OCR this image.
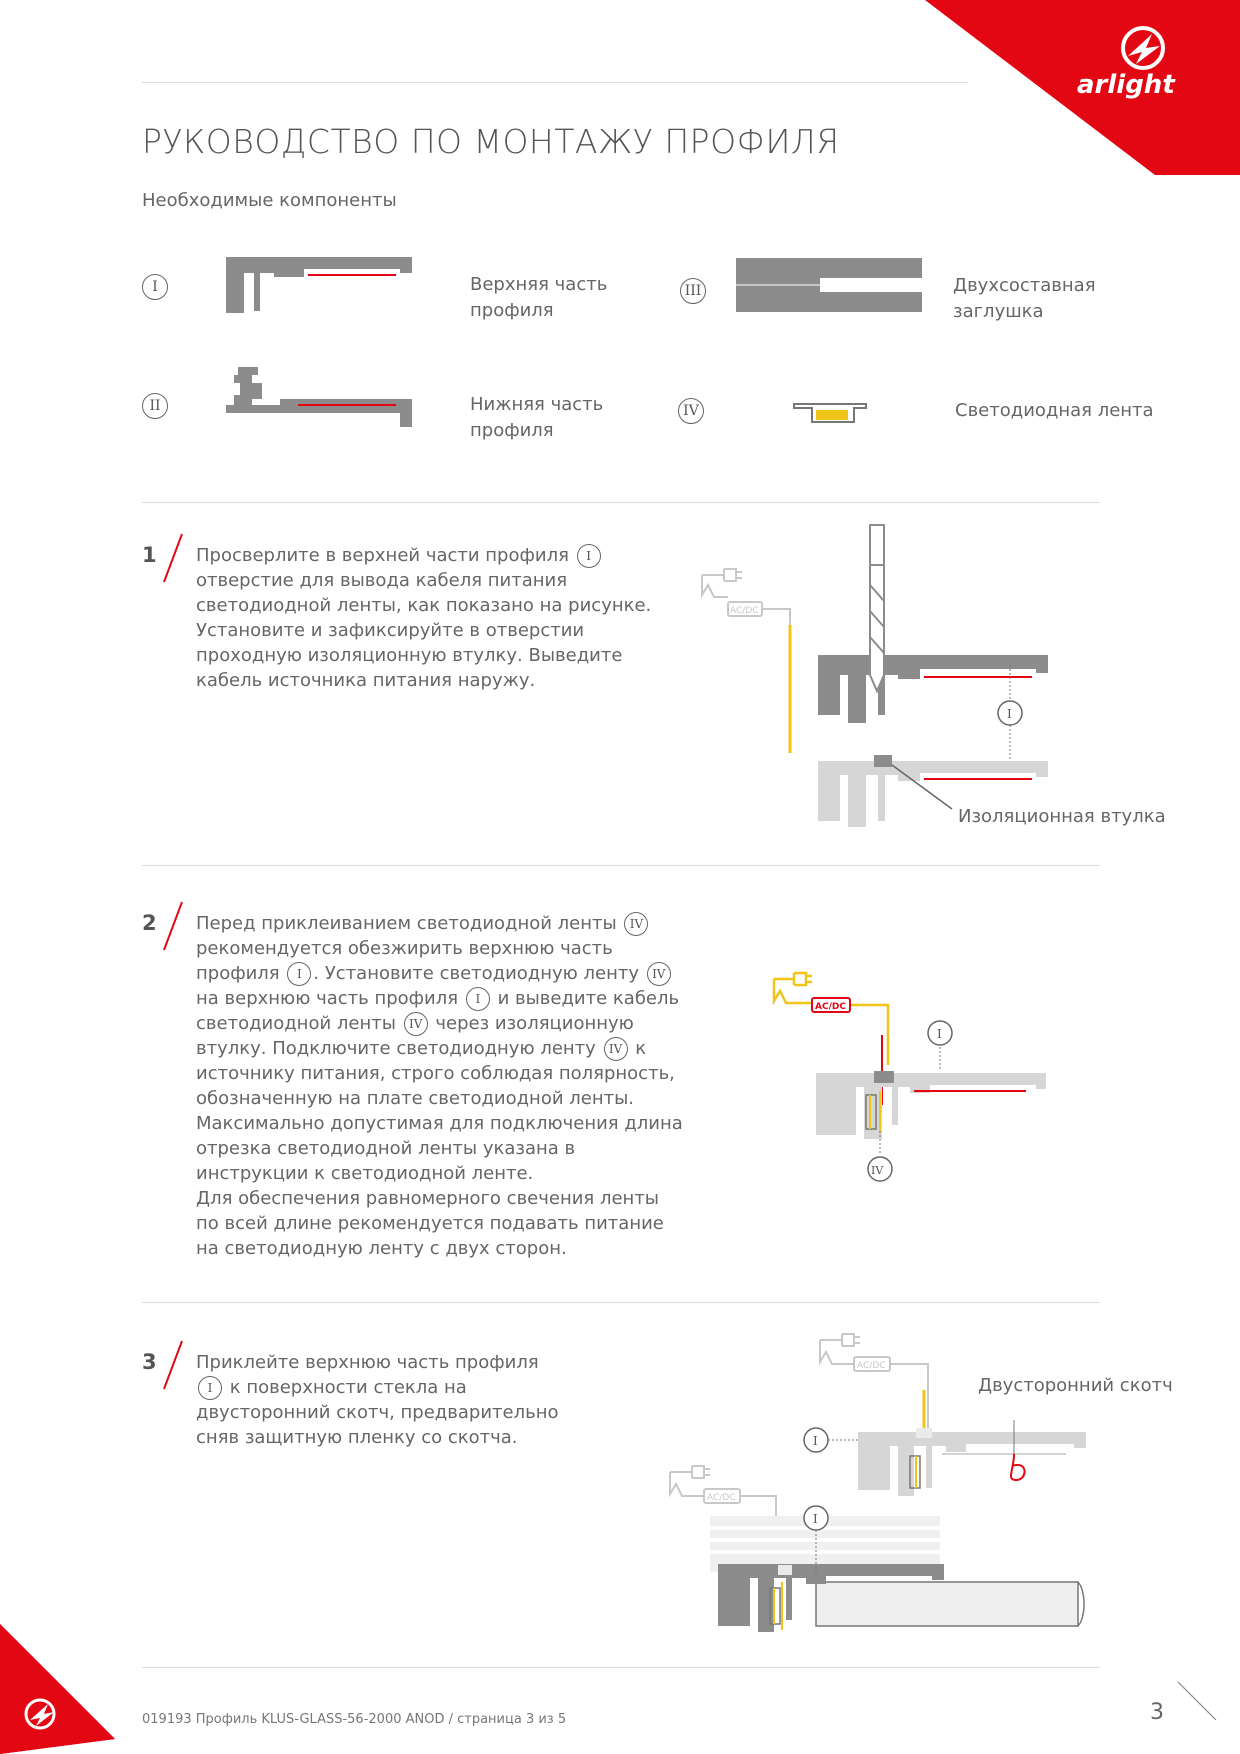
arlight
РУКОВОДСТВО ПО МОНТАЖУ ПРОФИЛЯ
Необходимые компоненты
I	Верхняя часть профиля
II	Нижняя часть профиля
III	Двухсоставная заглушка
IV	Светодиодная лента
1 Просверлите в верхней части профиля I отверстие для вывода кабеля питания светодиодной ленты, как показано на рисунке. Установите и зафиксируйте в отверстии проходную изоляционную втулку. Выведите кабель источника питания наружу.
AC/DC
I
Изоляционная втулка
2 Перед приклеиванием светодиодной ленты IV рекомендуется обезжирить верхнюю часть профиля I . Установите светодиодную ленту IV на верхнюю часть профиля I и выведите кабель светодиодной ленты IV через изоляционную втулку. Подключите светодиодную ленту IV к источнику питания, строго соблюдая полярность, обозначенную на плате светодиодной ленты. Максимально допустимая для подключения длина отрезка светодиодной ленты указана в инструкции к светодиодной ленте.
Для обеспечения равномерного свечения ленты по всей длине рекомендуется подавать питание на светодиодную ленту с двух сторон.
AC/DC
I
IV
3 Приклейте верхнюю часть профиля I к поверхности стекла на двусторонний скотч, предварительно сняв защитную пленку со скотча.
AC/DC
I
AC/DC
I
Двусторонний скотч
019193 Профиль KLUS-GLASS-56-2000 ANOD / страница 3 из 5	3
